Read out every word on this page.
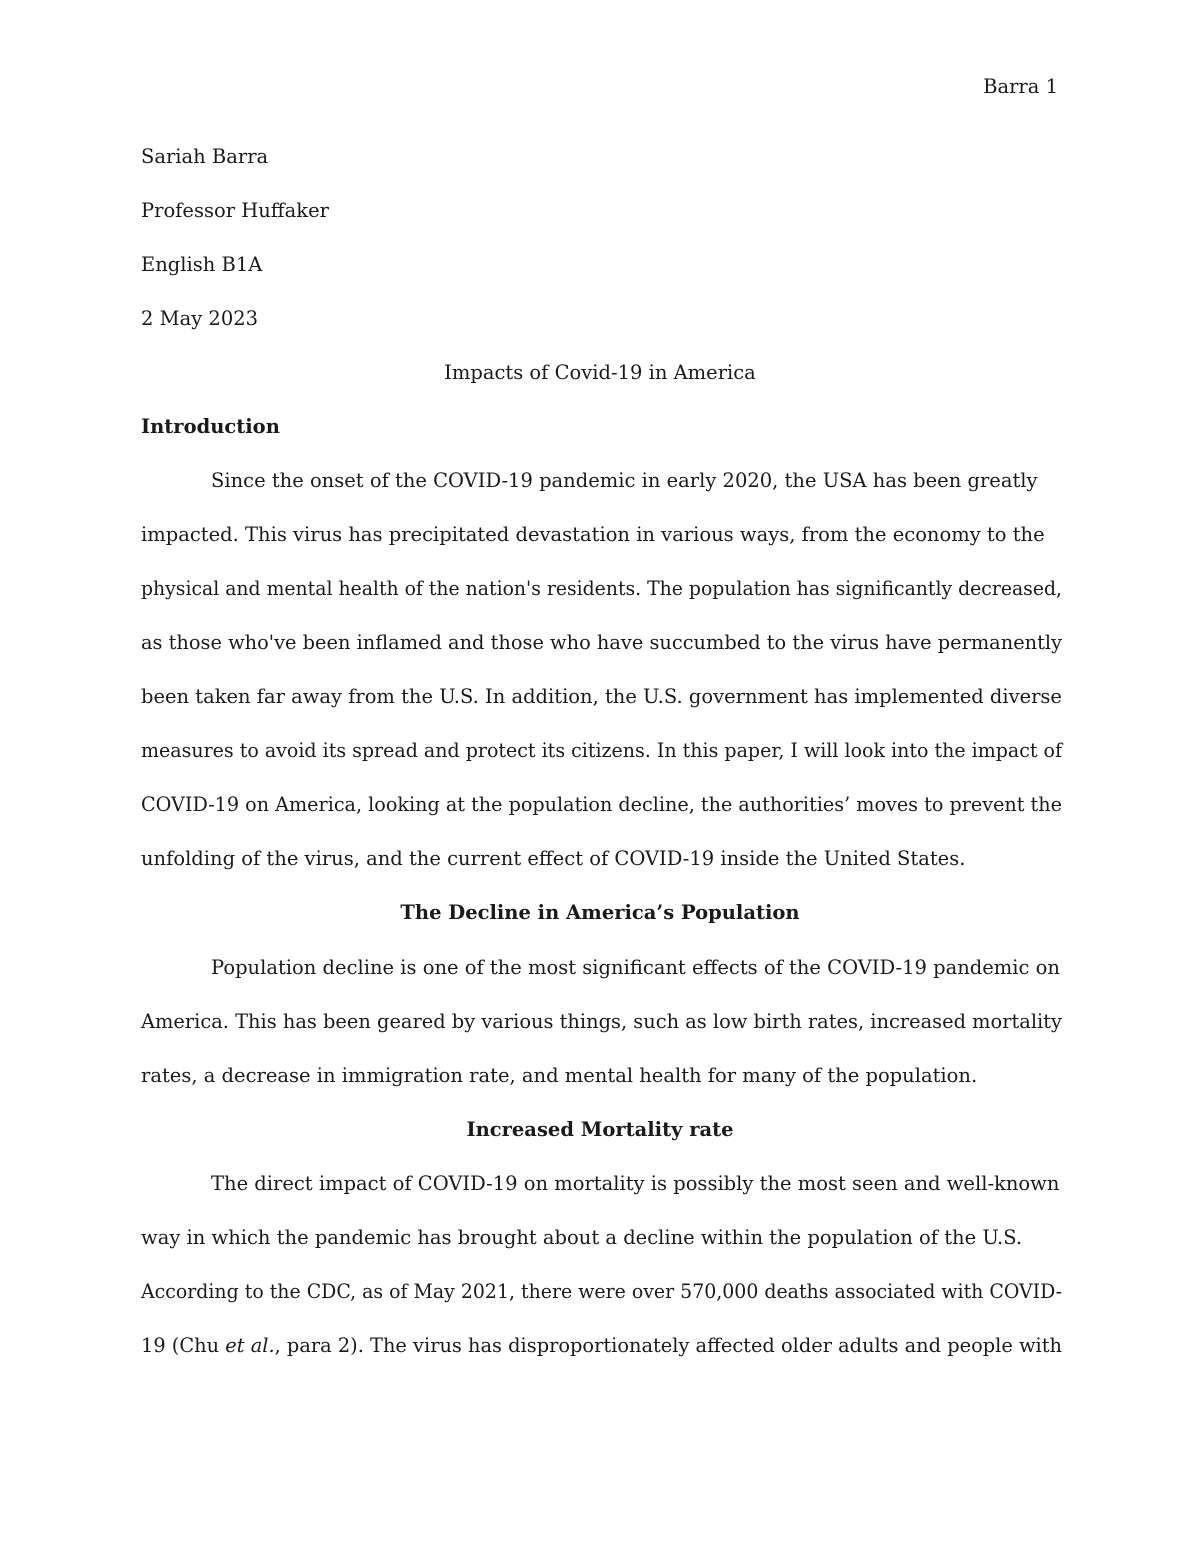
Barra 1
Sariah Barra
Professor Huffaker
English B1A
2 May 2023
Impacts of Covid-19 in America
Introduction
Since the onset of the COVID-19 pandemic in early 2020, the USA has been greatly
impacted. This virus has precipitated devastation in various ways, from the economy to the
physical and mental health of the nation's residents. The population has significantly decreased,
as those who've been inflamed and those who have succumbed to the virus have permanently
been taken far away from the U.S. In addition, the U.S. government has implemented diverse
measures to avoid its spread and protect its citizens. In this paper, I will look into the impact of
COVID-19 on America, looking at the population decline, the authorities’ moves to prevent the
unfolding of the virus, and the current effect of COVID-19 inside the United States.
The Decline in America’s Population
Population decline is one of the most significant effects of the COVID-19 pandemic on
America. This has been geared by various things, such as low birth rates, increased mortality
rates, a decrease in immigration rate, and mental health for many of the population.
Increased Mortality rate
The direct impact of COVID-19 on mortality is possibly the most seen and well-known
way in which the pandemic has brought about a decline within the population of the U.S.
According to the CDC, as of May 2021, there were over 570,000 deaths associated with COVID-
19 (Chu et al., para 2). The virus has disproportionately affected older adults and people with
